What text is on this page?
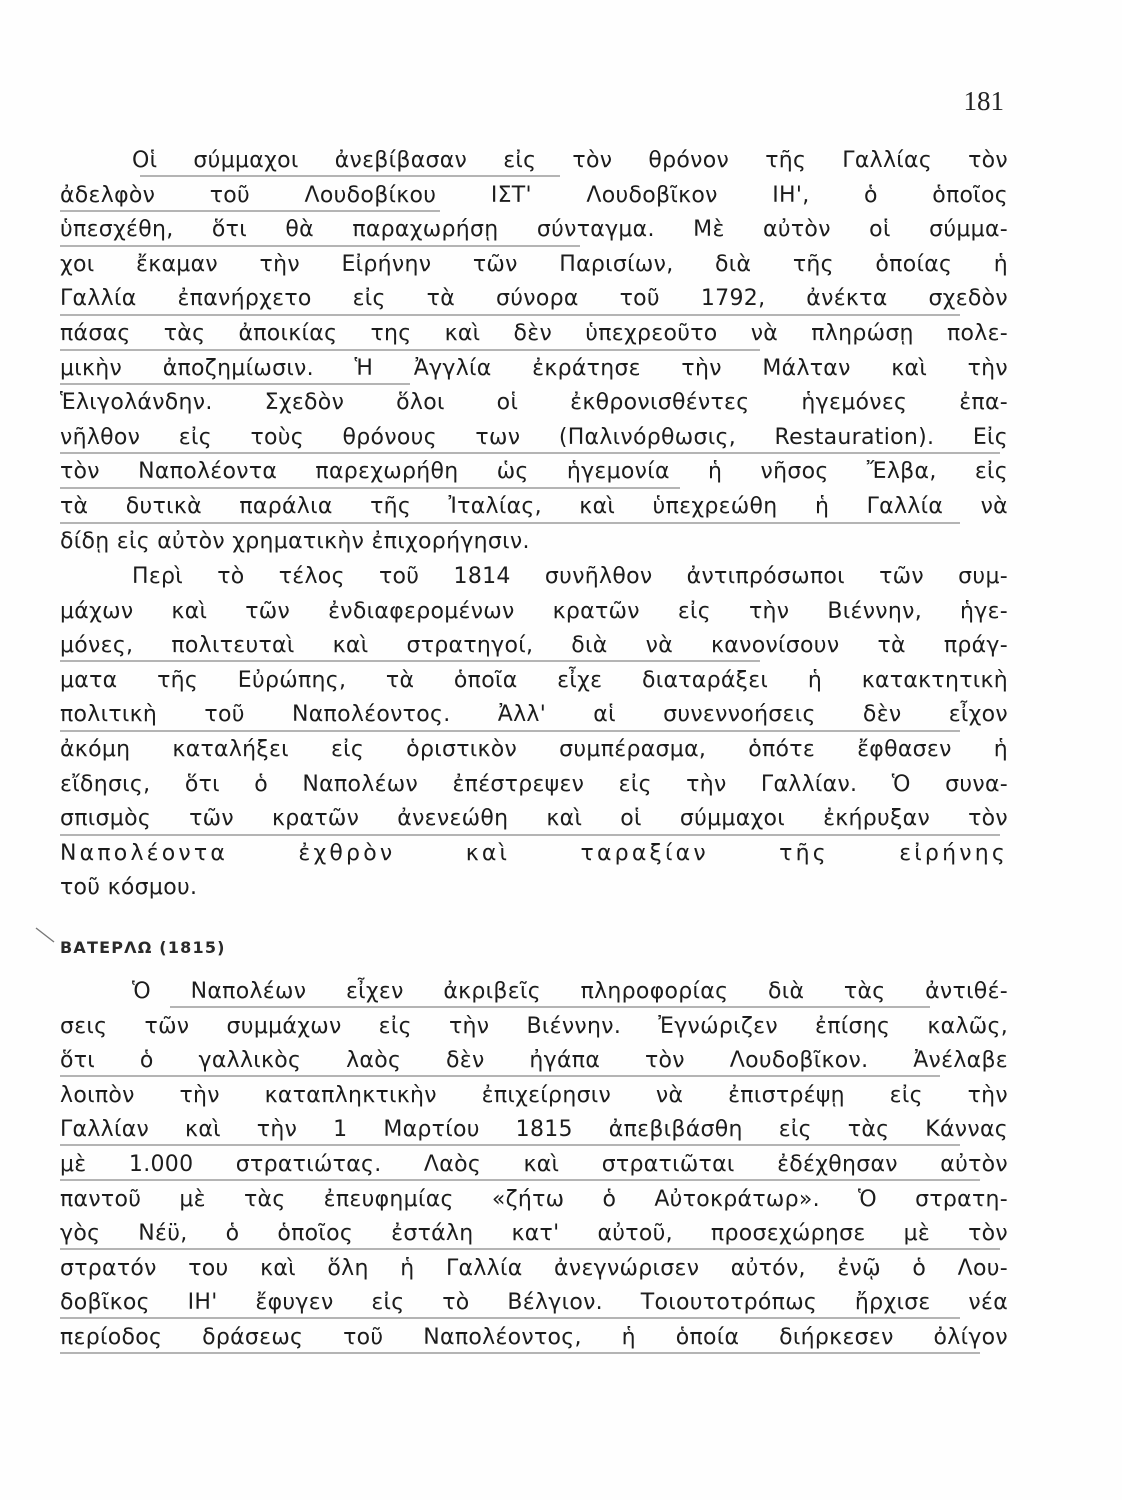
181
Οἱ σύμμαχοι ἀνεβίβασαν εἰς τὸν θρόνον τῆς Γαλλίας τὸν
ἀδελφὸν τοῦ Λουδοβίκου ΙΣΤ' Λουδοβῖκον ΙΗ', ὁ ὁποῖος
ὑπεσχέθη, ὅτι θὰ παραχωρήσῃ σύνταγμα. Μὲ αὐτὸν οἱ σύμμα-
χοι ἔκαμαν τὴν Εἰρήνην τῶν Παρισίων, διὰ τῆς ὁποίας ἡ
Γαλλία ἐπανήρχετο εἰς τὰ σύνορα τοῦ 1792, ἀνέκτα σχεδὸν
πάσας τὰς ἀποικίας της καὶ δὲν ὑπεχρεοῦτο νὰ πληρώσῃ πολε-
μικὴν ἀποζημίωσιν. Ἡ Ἀγγλία ἐκράτησε τὴν Μάλταν καὶ τὴν
Ἑλιγολάνδην. Σχεδὸν ὅλοι οἱ ἐκθρονισθέντες ἡγεμόνες ἐπα-
νῆλθον εἰς τοὺς θρόνους των (Παλινόρθωσις, Restauration). Εἰς
τὸν Ναπολέοντα παρεχωρήθη ὡς ἡγεμονία ἡ νῆσος Ἔλβα, εἰς
τὰ δυτικὰ παράλια τῆς Ἰταλίας, καὶ ὑπεχρεώθη ἡ Γαλλία νὰ
δίδῃ εἰς αὐτὸν χρηματικὴν ἐπιχορήγησιν.
Περὶ τὸ τέλος τοῦ 1814 συνῆλθον ἀντιπρόσωποι τῶν συμ-
μάχων καὶ τῶν ἐνδιαφερομένων κρατῶν εἰς τὴν Βιέννην, ἡγε-
μόνες, πολιτευταὶ καὶ στρατηγοί, διὰ νὰ κανονίσουν τὰ πράγ-
ματα τῆς Εὐρώπης, τὰ ὁποῖα εἶχε διαταράξει ἡ κατακτητικὴ
πολιτικὴ τοῦ Ναπολέοντος. Ἀλλ' αἱ συνεννοήσεις δὲν εἶχον
ἀκόμη καταλήξει εἰς ὁριστικὸν συμπέρασμα, ὁπότε ἔφθασεν ἡ
εἴδησις, ὅτι ὁ Ναπολέων ἐπέστρεψεν εἰς τὴν Γαλλίαν. Ὁ συνα-
σπισμὸς τῶν κρατῶν ἀνενεώθη καὶ οἱ σύμμαχοι ἐκήρυξαν τὸν
Ναπολέοντα ἐχθρὸν καὶ ταραξίαν τῆς εἰρήνης
τοῦ κόσμου.
ΒΑΤΕΡΛΩ (1815)
Ὁ Ναπολέων εἶχεν ἀκριβεῖς πληροφορίας διὰ τὰς ἀντιθέ-
σεις τῶν συμμάχων εἰς τὴν Βιέννην. Ἐγνώριζεν ἐπίσης καλῶς,
ὅτι ὁ γαλλικὸς λαὸς δὲν ἠγάπα τὸν Λουδοβῖκον. Ἀνέλαβε
λοιπὸν τὴν καταπληκτικὴν ἐπιχείρησιν νὰ ἐπιστρέψῃ εἰς τὴν
Γαλλίαν καὶ τὴν 1 Μαρτίου 1815 ἀπεβιβάσθη εἰς τὰς Κάννας
μὲ 1.000 στρατιώτας. Λαὸς καὶ στρατιῶται ἐδέχθησαν αὐτὸν
παντοῦ μὲ τὰς ἐπευφημίας «ζήτω ὁ Αὐτοκράτωρ». Ὁ στρατη-
γὸς Νέϋ, ὁ ὁποῖος ἐστάλη κατ' αὐτοῦ, προσεχώρησε μὲ τὸν
στρατόν του καὶ ὅλη ἡ Γαλλία ἀνεγνώρισεν αὐτόν, ἐνῷ ὁ Λου-
δοβῖκος ΙΗ' ἔφυγεν εἰς τὸ Βέλγιον. Τοιουτοτρόπως ἤρχισε νέα
περίοδος δράσεως τοῦ Ναπολέοντος, ἡ ὁποία διήρκεσεν ὀλίγον
